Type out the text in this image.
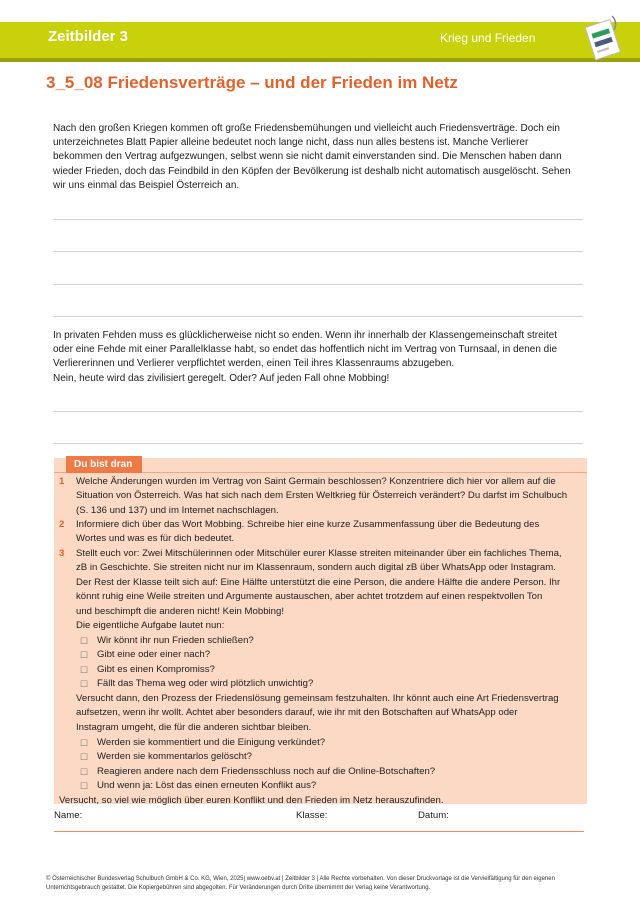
Zeitbilder 3	Krieg und Frieden
3_5_08 Friedensverträge – und der Frieden im Netz
Nach den großen Kriegen kommen oft große Friedensbemühungen und vielleicht auch Friedensverträge. Doch ein
unterzeichnetes Blatt Papier alleine bedeutet noch lange nicht, dass nun alles bestens ist. Manche Verlierer
bekommen den Vertrag aufgezwungen, selbst wenn sie nicht damit einverstanden sind. Die Menschen haben dann
wieder Frieden, doch das Feindbild in den Köpfen der Bevölkerung ist deshalb nicht automatisch ausgelöscht. Sehen
wir uns einmal das Beispiel Österreich an.
In privaten Fehden muss es glücklicherweise nicht so enden. Wenn ihr innerhalb der Klassengemeinschaft streitet
oder eine Fehde mit einer Parallelklasse habt, so endet das hoffentlich nicht im Vertrag von Turnsaal, in denen die
Verliererinnen und Verlierer verpflichtet werden, einen Teil ihres Klassenraums abzugeben.
Nein, heute wird das zivilisiert geregelt. Oder? Auf jeden Fall ohne Mobbing!
Du bist dran
1 Welche Änderungen wurden im Vertrag von Saint Germain beschlossen? Konzentriere dich hier vor allem auf die
Situation von Österreich. Was hat sich nach dem Ersten Weltkrieg für Österreich verändert? Du darfst im Schulbuch
(S. 136 und 137) und im Internet nachschlagen.
2 Informiere dich über das Wort Mobbing. Schreibe hier eine kurze Zusammenfassung über die Bedeutung des
Wortes und was es für dich bedeutet.
3 Stellt euch vor: Zwei Mitschülerinnen oder Mitschüler eurer Klasse streiten miteinander über ein fachliches Thema,
zB in Geschichte. Sie streiten nicht nur im Klassenraum, sondern auch digital zB über WhatsApp oder Instagram.
Der Rest der Klasse teilt sich auf: Eine Hälfte unterstützt die eine Person, die andere Hälfte die andere Person. Ihr
könnt ruhig eine Weile streiten und Argumente austauschen, aber achtet trotzdem auf einen respektvollen Ton
und beschimpft die anderen nicht! Kein Mobbing!
Die eigentliche Aufgabe lautet nun:
☐ Wir könnt ihr nun Frieden schließen?
☐ Gibt eine oder einer nach?
☐ Gibt es einen Kompromiss?
☐ Fällt das Thema weg oder wird plötzlich unwichtig?
Versucht dann, den Prozess der Friedenslösung gemeinsam festzuhalten. Ihr könnt auch eine Art Friedensvertrag
aufsetzen, wenn ihr wollt. Achtet aber besonders darauf, wie ihr mit den Botschaften auf WhatsApp oder
Instagram umgeht, die für die anderen sichtbar bleiben.
☐ Werden sie kommentiert und die Einigung verkündet?
☐ Werden sie kommentarlos gelöscht?
☐ Reagieren andere nach dem Friedensschluss noch auf die Online-Botschaften?
☐ Und wenn ja: Löst das einen erneuten Konflikt aus?
Versucht, so viel wie möglich über euren Konflikt und den Frieden im Netz herauszufinden.
Name:	Klasse:	Datum:
© Österreichischer Bundesverlag Schulbuch GmbH & Co. KG, Wien, 2025| www.oebv.at | Zeitbilder 3 | Alle Rechte vorbehalten. Von dieser Druckvorlage ist die Vervielfältigung für den eigenen
Unterrichtsgebrauch gestattet. Die Kopiergebühren sind abgegolten. Für Veränderungen durch Dritte übernimmt der Verlag keine Verantwortung.
